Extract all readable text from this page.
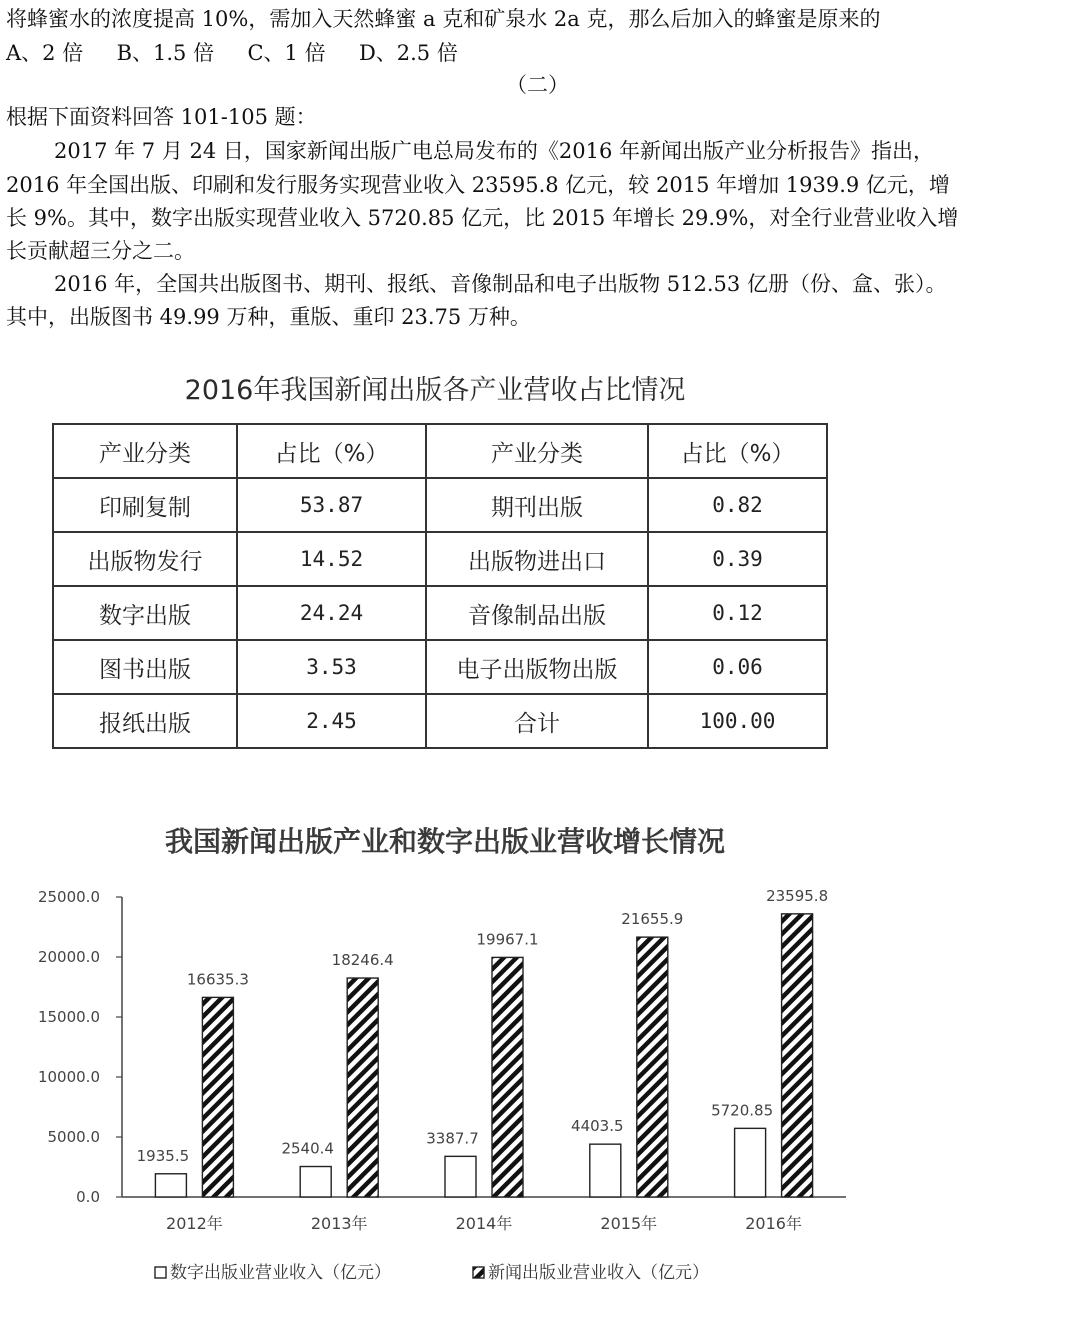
将蜂蜜水的浓度提高 10%，需加入天然蜂蜜 a 克和矿泉水 2a 克，那么后加入的蜂蜜是原来的
A、2 倍     B、1.5 倍     C、1 倍     D、2.5 倍
（二）
根据下面资料回答 101-105 题：
2017 年 7 月 24 日，国家新闻出版广电总局发布的《2016 年新闻出版产业分析报告》指出，
2016 年全国出版、印刷和发行服务实现营业收入 23595.8 亿元，较 2015 年增加 1939.9 亿元，增
长 9%。其中，数字出版实现营业收入 5720.85 亿元，比 2015 年增长 29.9%，对全行业营业收入增
长贡献超三分之二。
2016 年，全国共出版图书、期刊、报纸、音像制品和电子出版物 512.53 亿册（份、盒、张）。
其中，出版图书 49.99 万种，重版、重印 23.75 万种。
2016年我国新闻出版各产业营收占比情况
产业分类	占比（%）	产业分类	占比（%）
印刷复制	53.87	期刊出版	0.82
出版物发行	14.52	出版物进出口	0.39
数字出版	24.24	音像制品出版	0.12
图书出版	3.53	电子出版物出版	0.06
报纸出版	2.45	合计	100.00
我国新闻出版产业和数字出版业营收增长情况
0.0
5000.0
10000.0
15000.0
20000.0
25000.0
2012年	2013年	2014年	2015年	2016年
1935.5
16635.3
2540.4
18246.4
3387.7
19967.1
4403.5
21655.9
5720.85
23595.8
数字出版业营业收入（亿元）	新闻出版业营业收入（亿元）
